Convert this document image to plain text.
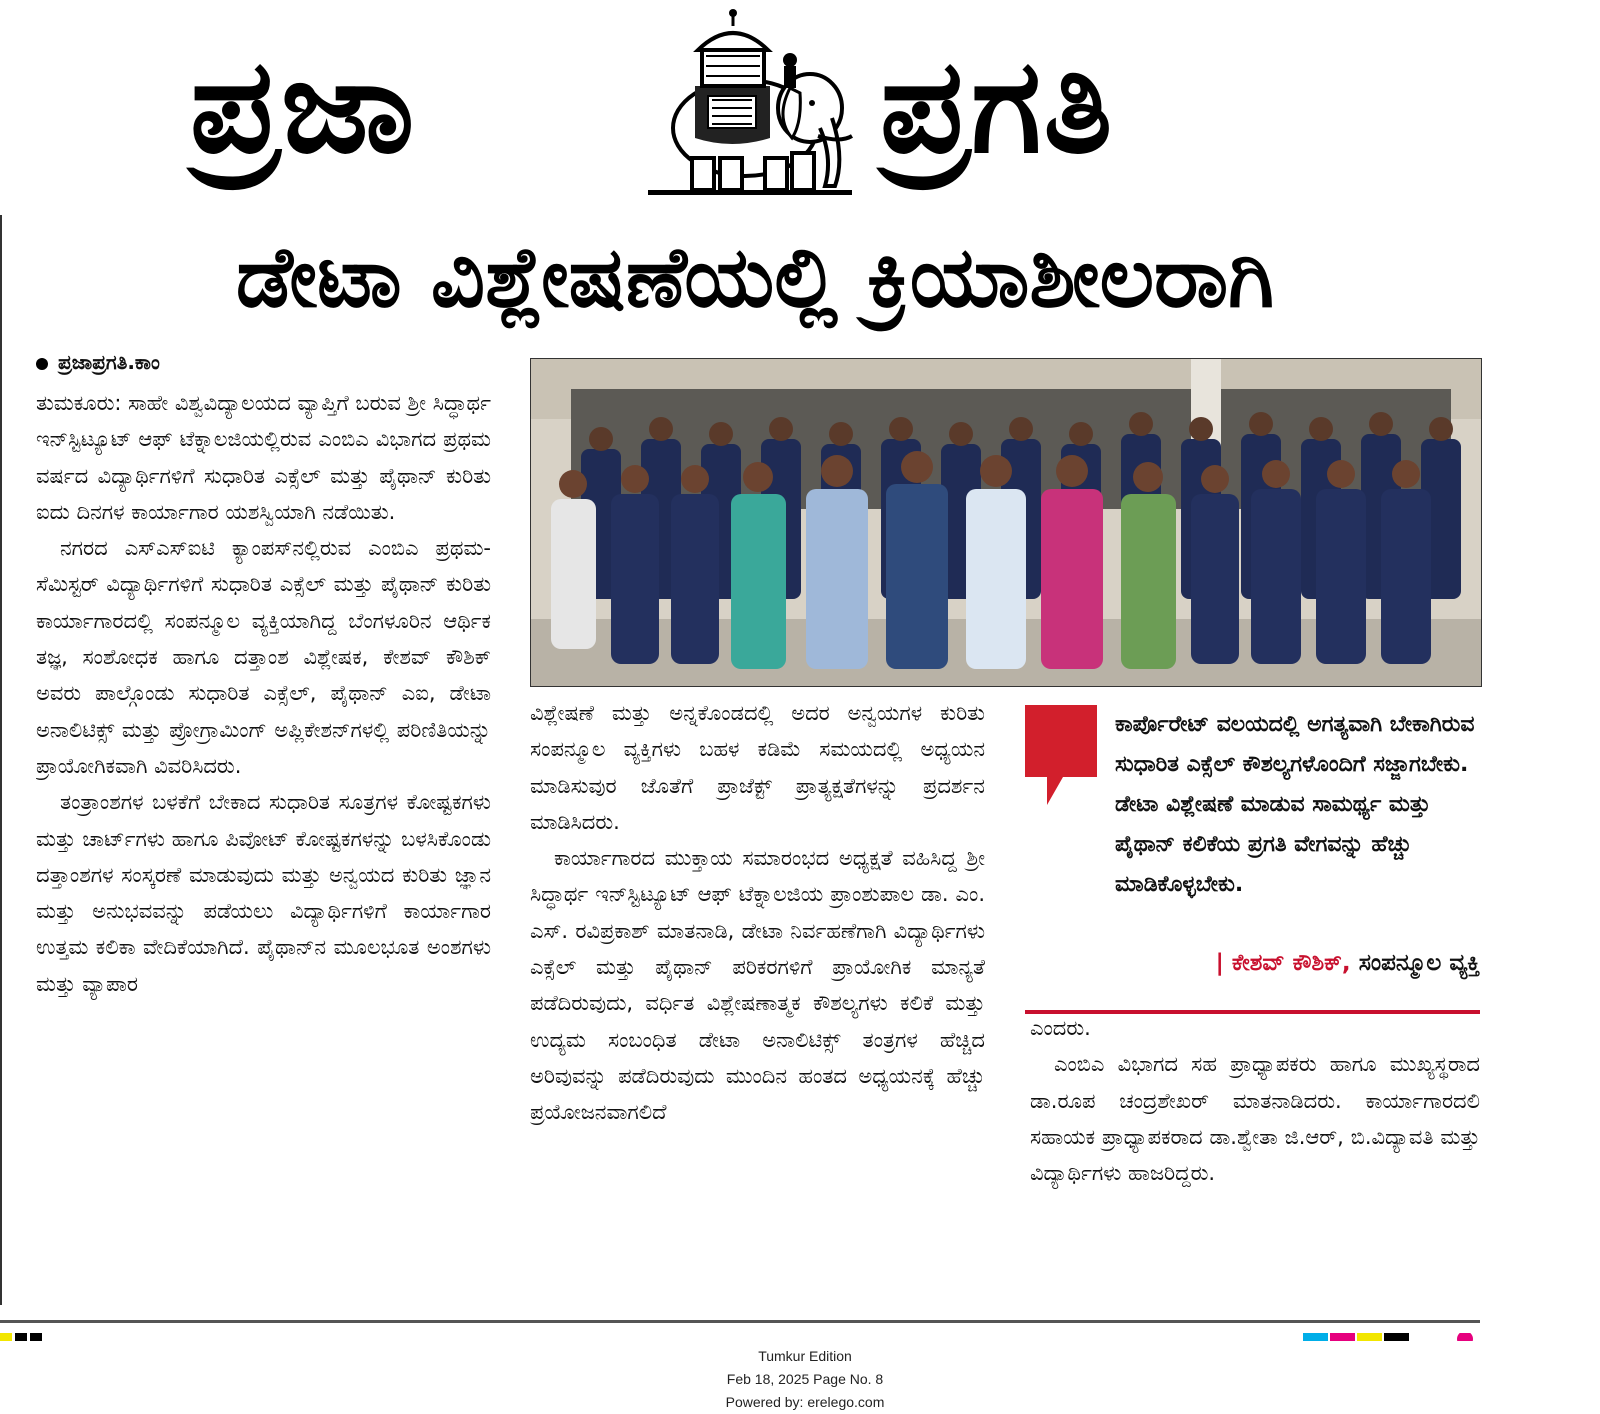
ಪ್ರಜಾ	ಪ್ರಗತಿ
ಡೇಟಾ ವಿಶ್ಲೇಷಣೆಯಲ್ಲಿ ಕ್ರಿಯಾಶೀಲರಾಗಿ
ಪ್ರಜಾಪ್ರಗತಿ.ಕಾಂ

ತುಮಕೂರು: ಸಾಹೇ ವಿಶ್ವವಿದ್ಯಾಲಯದ ವ್ಯಾಪ್ತಿಗೆ ಬರುವ ಶ್ರೀ ಸಿದ್ಧಾರ್ಥ ಇನ್‌ಸ್ಟಿಟ್ಯೂಟ್ ಆಫ್ ಟೆಕ್ನಾಲಜಿಯಲ್ಲಿರುವ ಎಂಬಿಎ ವಿಭಾಗದ ಪ್ರಥಮ ವರ್ಷದ ವಿದ್ಯಾರ್ಥಿಗಳಿಗೆ ಸುಧಾರಿತ ಎಕ್ಸೆಲ್ ಮತ್ತು ಪೈಥಾನ್ ಕುರಿತು ಐದು ದಿನಗಳ ಕಾರ್ಯಾಗಾರ ಯಶಸ್ವಿಯಾಗಿ ನಡೆಯಿತು.

ನಗರದ ಎಸ್‌ಎಸ್‌ಐಟಿ ಕ್ಯಾಂಪಸ್‌ನಲ್ಲಿರುವ ಎಂಬಿಎ ಪ್ರಥಮ-ಸೆಮಿಸ್ಟರ್ ವಿದ್ಯಾರ್ಥಿಗಳಿಗೆ ಸುಧಾರಿತ ಎಕ್ಸೆಲ್ ಮತ್ತು ಪೈಥಾನ್ ಕುರಿತು ಕಾರ್ಯಾಗಾರದಲ್ಲಿ ಸಂಪನ್ಮೂಲ ವ್ಯಕ್ತಿಯಾಗಿದ್ದ ಬೆಂಗಳೂರಿನ ಆರ್ಥಿಕ ತಜ್ಞ, ಸಂಶೋಧಕ ಹಾಗೂ ದತ್ತಾಂಶ ವಿಶ್ಲೇಷಕ, ಕೇಶವ್ ಕೌಶಿಕ್ ಅವರು ಪಾಲ್ಗೊಂಡು ಸುಧಾರಿತ ಎಕ್ಸೆಲ್, ಪೈಥಾನ್ ಎಐ, ಡೇಟಾ ಅನಾಲಿಟಿಕ್ಸ್ ಮತ್ತು ಪ್ರೋಗ್ರಾಮಿಂಗ್ ಅಪ್ಲಿಕೇಶನ್‌ಗಳಲ್ಲಿ ಪರಿಣಿತಿಯನ್ನು ಪ್ರಾಯೋಗಿಕವಾಗಿ ವಿವರಿಸಿದರು.

ತಂತ್ರಾಂಶಗಳ ಬಳಕೆಗೆ ಬೇಕಾದ ಸುಧಾರಿತ ಸೂತ್ರಗಳ ಕೋಷ್ಟಕಗಳು ಮತ್ತು ಚಾರ್ಟ್‌ಗಳು ಹಾಗೂ ಪಿವೋಟ್ ಕೋಷ್ಟಕಗಳನ್ನು ಬಳಸಿಕೊಂಡು ದತ್ತಾಂಶಗಳ ಸಂಸ್ಕರಣೆ ಮಾಡುವುದು ಮತ್ತು ಅನ್ವಯದ ಕುರಿತು ಜ್ಞಾನ ಮತ್ತು ಅನುಭವವನ್ನು ಪಡೆಯಲು ವಿದ್ಯಾರ್ಥಿಗಳಿಗೆ ಕಾರ್ಯಾಗಾರ ಉತ್ತಮ ಕಲಿಕಾ ವೇದಿಕೆಯಾಗಿದೆ. ಪೈಥಾನ್‌ನ ಮೂಲಭೂತ ಅಂಶಗಳು ಮತ್ತು ವ್ಯಾಪಾರ

ವಿಶ್ಲೇಷಣೆ ಮತ್ತು ಅನ್ನಕೊಂಡದಲ್ಲಿ ಅದರ ಅನ್ವಯಗಳ ಕುರಿತು ಸಂಪನ್ಮೂಲ ವ್ಯಕ್ತಿಗಳು ಬಹಳ ಕಡಿಮೆ ಸಮಯದಲ್ಲಿ ಅಧ್ಯಯನ ಮಾಡಿಸುವುರ ಜೊತೆಗೆ ಪ್ರಾಜೆಕ್ಟ್ ಪ್ರಾತ್ಯಕ್ಷತೆಗಳನ್ನು ಪ್ರದರ್ಶನ ಮಾಡಿಸಿದರು.

ಕಾರ್ಯಾಗಾರದ ಮುಕ್ತಾಯ ಸಮಾರಂಭದ ಅಧ್ಯಕ್ಷತೆ ವಹಿಸಿದ್ದ ಶ್ರೀ ಸಿದ್ಧಾರ್ಥ ಇನ್‌ಸ್ಟಿಟ್ಯೂಟ್ ಆಫ್ ಟೆಕ್ನಾಲಜಿಯ ಪ್ರಾಂಶುಪಾಲ ಡಾ. ಎಂ. ಎಸ್. ರವಿಪ್ರಕಾಶ್ ಮಾತನಾಡಿ, ಡೇಟಾ ನಿರ್ವಹಣೆಗಾಗಿ ವಿದ್ಯಾರ್ಥಿಗಳು ಎಕ್ಸೆಲ್ ಮತ್ತು ಪೈಥಾನ್ ಪರಿಕರಗಳಿಗೆ ಪ್ರಾಯೋಗಿಕ ಮಾನ್ಯತೆ ಪಡೆದಿರುವುದು, ವರ್ಧಿತ ವಿಶ್ಲೇಷಣಾತ್ಮಕ ಕೌಶಲ್ಯಗಳು ಕಲಿಕೆ ಮತ್ತು ಉದ್ಯಮ ಸಂಬಂಧಿತ ಡೇಟಾ ಅನಾಲಿಟಿಕ್ಸ್ ತಂತ್ರಗಳ ಹೆಚ್ಚಿದ ಅರಿವುವನ್ನು ಪಡೆದಿರುವುದು ಮುಂದಿನ ಹಂತದ ಅಧ್ಯಯನಕ್ಕೆ ಹೆಚ್ಚು ಪ್ರಯೋಜನವಾಗಲಿದೆ

ಕಾರ್ಪೊರೇಟ್ ವಲಯದಲ್ಲಿ ಅಗತ್ಯವಾಗಿ ಬೇಕಾಗಿರುವ ಸುಧಾರಿತ ಎಕ್ಸೆಲ್ ಕೌಶಲ್ಯಗಳೊಂದಿಗೆ ಸಜ್ಜಾಗಬೇಕು. ಡೇಟಾ ವಿಶ್ಲೇಷಣೆ ಮಾಡುವ ಸಾಮರ್ಥ್ಯ ಮತ್ತು ಪೈಥಾನ್ ಕಲಿಕೆಯ ಪ್ರಗತಿ ವೇಗವನ್ನು ಹೆಚ್ಚು ಮಾಡಿಕೊಳ್ಳಬೇಕು.
| ಕೇಶವ್ ಕೌಶಿಕ್, ಸಂಪನ್ಮೂಲ ವ್ಯಕ್ತಿ

ಎಂದರು.

ಎಂಬಿಎ ವಿಭಾಗದ ಸಹ ಪ್ರಾಧ್ಯಾಪಕರು ಹಾಗೂ ಮುಖ್ಯಸ್ಥರಾದ ಡಾ.ರೂಪ ಚಂದ್ರಶೇಖರ್ ಮಾತನಾಡಿದರು. ಕಾರ್ಯಾಗಾರದಲಿ ಸಹಾಯಕ ಪ್ರಾಧ್ಯಾಪಕರಾದ ಡಾ.ಶ್ವೇತಾ ಜಿ.ಆರ್, ಬಿ.ವಿದ್ಯಾವತಿ ಮತ್ತು ವಿದ್ಯಾರ್ಥಿಗಳು ಹಾಜರಿದ್ದರು.

Tumkur Edition
Feb 18, 2025 Page No. 8
Powered by: erelego.com
